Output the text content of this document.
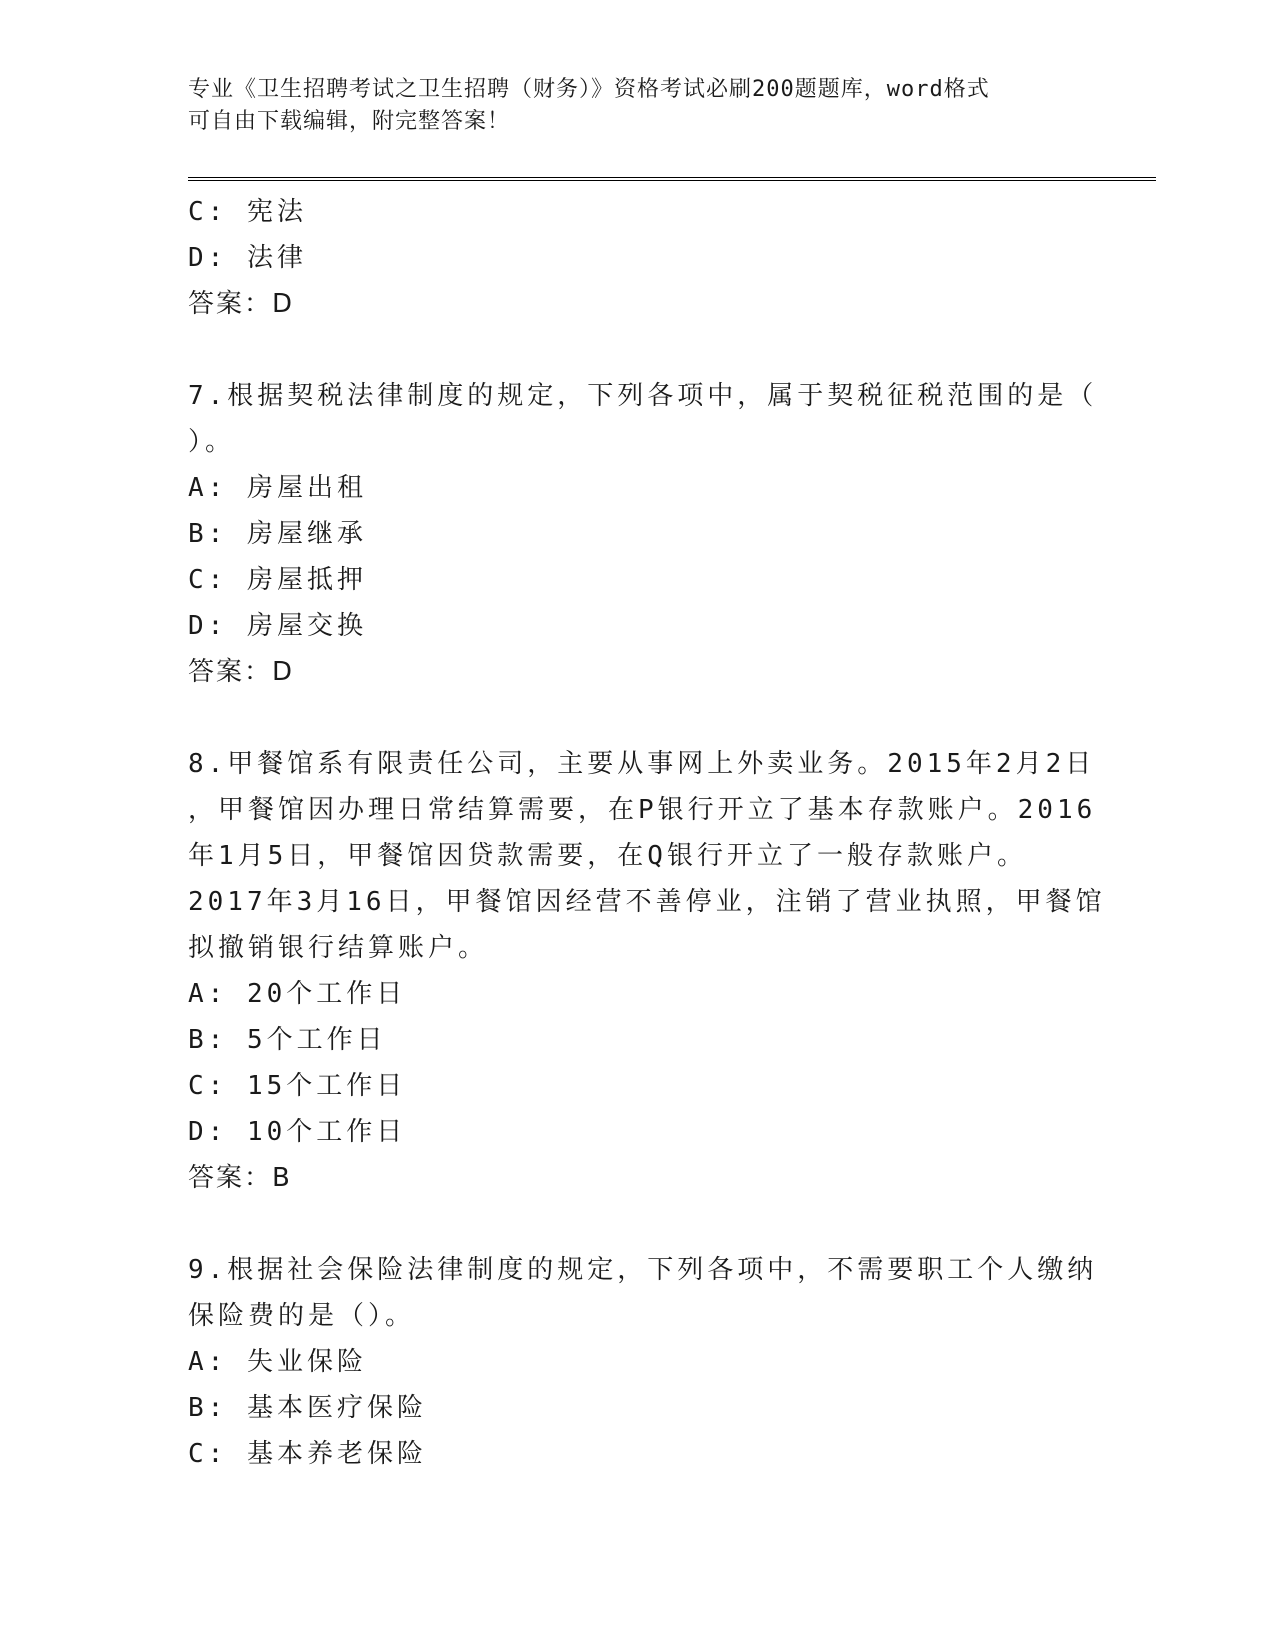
专业《卫生招聘考试之卫生招聘（财务）》资格考试必刷200题题库，word格式
可自由下载编辑，附完整答案！
C: 宪法
D: 法律
答案：D
7.根据契税法律制度的规定，下列各项中，属于契税征税范围的是（
）。
A: 房屋出租
B: 房屋继承
C: 房屋抵押
D: 房屋交换
答案：D
8.甲餐馆系有限责任公司，主要从事网上外卖业务。2015年2月2日
，甲餐馆因办理日常结算需要，在P银行开立了基本存款账户。2016
年1月5日，甲餐馆因贷款需要，在Q银行开立了一般存款账户。
2017年3月16日，甲餐馆因经营不善停业，注销了营业执照，甲餐馆
拟撤销银行结算账户。
A: 20个工作日
B: 5个工作日
C: 15个工作日
D: 10个工作日
答案：B
9.根据社会保险法律制度的规定，下列各项中，不需要职工个人缴纳
保险费的是（）。
A: 失业保险
B: 基本医疗保险
C: 基本养老保险
